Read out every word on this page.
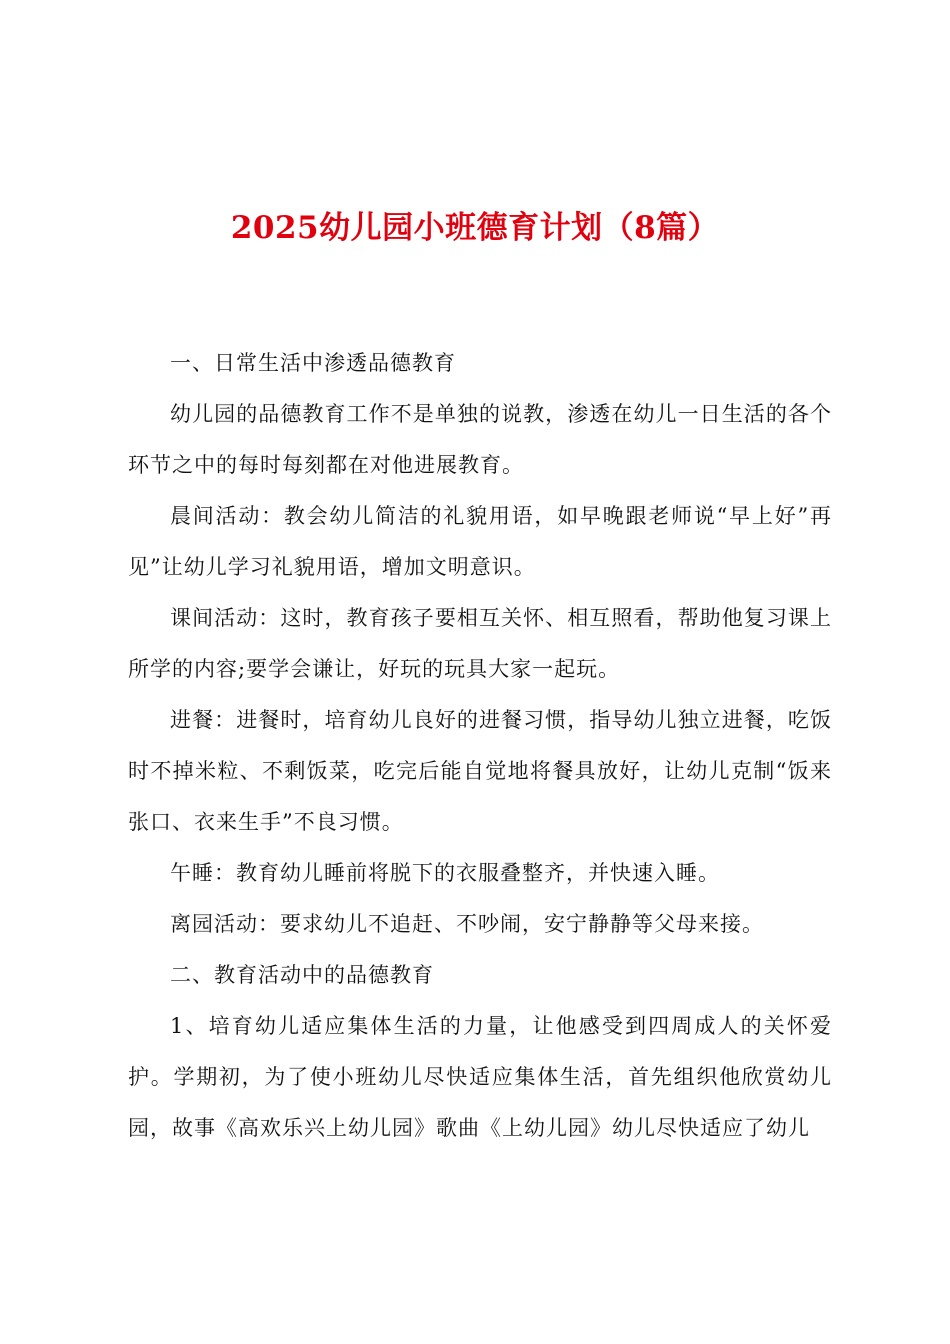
2025幼儿园小班德育计划（8篇）

一、日常生活中渗透品德教育

幼儿园的品德教育工作不是单独的说教，渗透在幼儿一日生活的各个环节之中的每时每刻都在对他进展教育。

晨间活动：教会幼儿简洁的礼貌用语，如早晚跟老师说“早上好”再见”让幼儿学习礼貌用语，增加文明意识。

课间活动：这时，教育孩子要相互关怀、相互照看，帮助他复习课上所学的内容;要学会谦让，好玩的玩具大家一起玩。

进餐：进餐时，培育幼儿良好的进餐习惯，指导幼儿独立进餐，吃饭时不掉米粒、不剩饭菜，吃完后能自觉地将餐具放好，让幼儿克制“饭来张口、衣来生手”不良习惯。

午睡：教育幼儿睡前将脱下的衣服叠整齐，并快速入睡。

离园活动：要求幼儿不追赶、不吵闹，安宁静静等父母来接。

二、教育活动中的品德教育

1、培育幼儿适应集体生活的力量，让他感受到四周成人的关怀爱护。学期初，为了使小班幼儿尽快适应集体生活，首先组织他欣赏幼儿园，故事《高欢乐兴上幼儿园》歌曲《上幼儿园》幼儿尽快适应了幼儿
